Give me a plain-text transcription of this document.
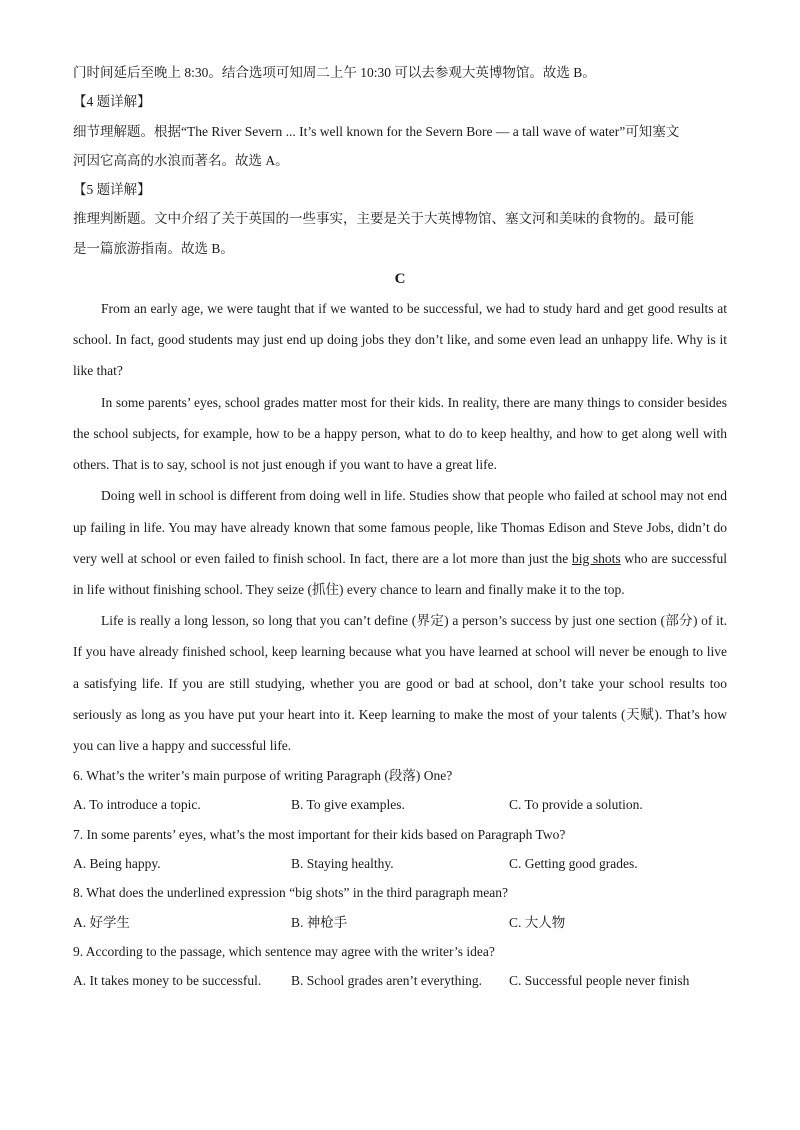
门时间延后至晚上 8:30。结合选项可知周二上午 10:30 可以去参观大英博物馆。故选 B。
【4 题详解】
细节理解题。根据“The River Severn ... It’s well known for the Severn Bore — a tall wave of water”可知塞文
河因它高高的水浪而著名。故选 A。
【5 题详解】
推理判断题。文中介绍了关于英国的一些事实，主要是关于大英博物馆、塞文河和美味的食物的。最可能
是一篇旅游指南。故选 B。
C

From an early age, we were taught that if we wanted to be successful, we had to study hard and get good results at school. In fact, good students may just end up doing jobs they don’t like, and some even lead an unhappy life. Why is it like that?

In some parents’ eyes, school grades matter most for their kids. In reality, there are many things to consider besides the school subjects, for example, how to be a happy person, what to do to keep healthy, and how to get along well with others. That is to say, school is not just enough if you want to have a great life.

Doing well in school is different from doing well in life. Studies show that people who failed at school may not end up failing in life. You may have already known that some famous people, like Thomas Edison and Steve Jobs, didn’t do very well at school or even failed to finish school. In fact, there are a lot more than just the big shots who are successful in life without finishing school. They seize (抓住) every chance to learn and finally make it to the top.

Life is really a long lesson, so long that you can’t define (界定) a person’s success by just one section (部分) of it. If you have already finished school, keep learning because what you have learned at school will never be enough to live a satisfying life. If you are still studying, whether you are good or bad at school, don’t take your school results too seriously as long as you have put your heart into it. Keep learning to make the most of your talents (天赋). That’s how you can live a happy and successful life.

6. What’s the writer’s main purpose of writing Paragraph (段落) One?
A. To introduce a topic.	B. To give examples.	C. To provide a solution.
7. In some parents’ eyes, what’s the most important for their kids based on Paragraph Two?
A. Being happy.	B. Staying healthy.	C. Getting good grades.
8. What does the underlined expression “big shots” in the third paragraph mean?
A. 好学生	B. 神枪手	C. 大人物
9. According to the passage, which sentence may agree with the writer’s idea?
A. It takes money to be successful.	B. School grades aren’t everything.	C. Successful people never finish
